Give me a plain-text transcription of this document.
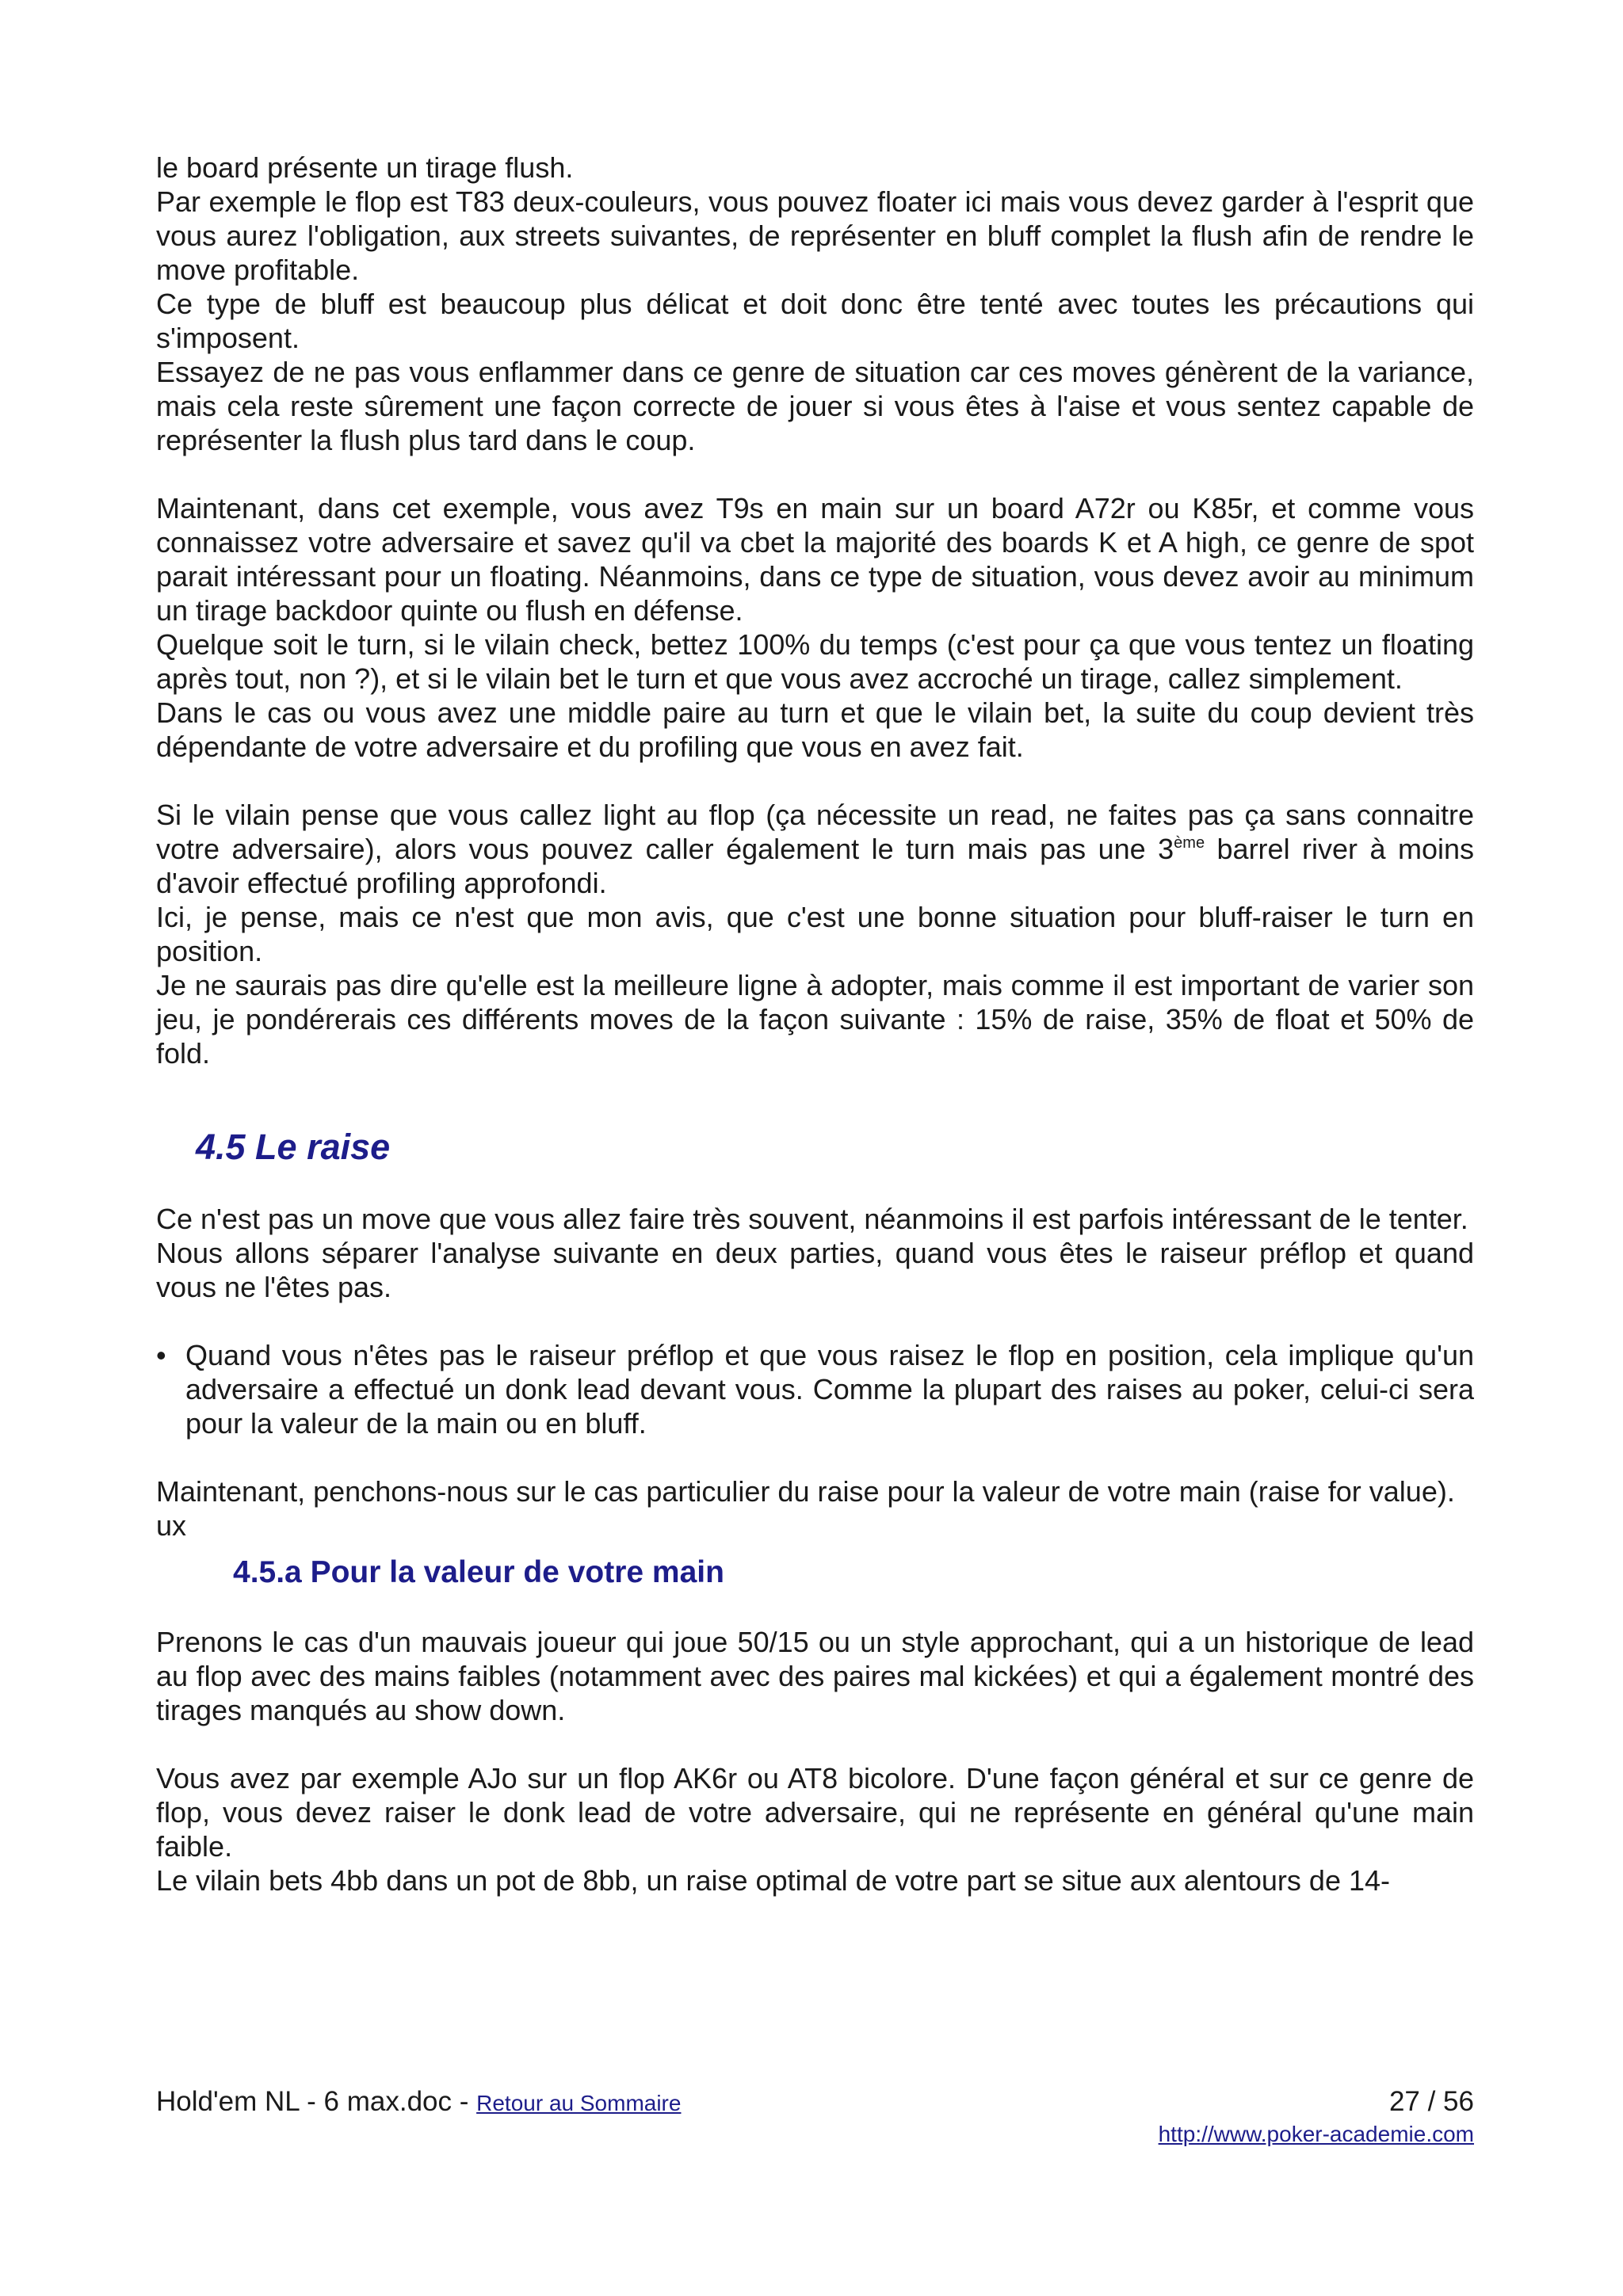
le board présente un tirage flush.

Par exemple le flop est T83 deux-couleurs, vous pouvez floater ici mais vous devez garder à l'esprit que vous aurez l'obligation, aux streets suivantes, de représenter en bluff complet la flush afin de rendre le move profitable.

Ce type de bluff est beaucoup plus délicat et doit donc être tenté avec toutes les précautions qui s'imposent.

Essayez de ne pas vous enflammer dans ce genre de situation car ces moves génèrent de la variance, mais cela reste sûrement une façon correcte de jouer si vous êtes à l'aise et vous sentez capable de représenter la flush plus tard dans le coup.

Maintenant, dans cet exemple, vous avez T9s en main sur un board A72r ou K85r, et comme vous connaissez votre adversaire et savez qu'il va cbet la majorité des boards K et A high, ce genre de spot parait intéressant pour un floating. Néanmoins, dans ce type de situation, vous devez avoir au minimum un tirage backdoor quinte ou flush en défense.

Quelque soit le turn, si le vilain check, bettez 100% du temps (c'est pour ça que vous tentez un floating après tout, non ?), et si le vilain bet le turn et que vous avez accroché un tirage, callez simplement.

Dans le cas ou vous avez une middle paire au turn et que le vilain bet, la suite du coup devient très dépendante de votre adversaire et du profiling que vous en avez fait.

Si le vilain pense que vous callez light au flop (ça nécessite un read, ne faites pas ça sans connaitre votre adversaire), alors vous pouvez caller également le turn mais pas une 3ème barrel river à moins d'avoir effectué profiling approfondi.

Ici, je pense, mais ce n'est que mon avis, que c'est une bonne situation pour bluff-raiser le turn en position.

Je ne saurais pas dire qu'elle est la meilleure ligne à adopter, mais comme il est important de varier son jeu, je pondérerais ces différents moves de la façon suivante : 15% de raise, 35% de float et 50% de fold.

4.5 Le raise

Ce n'est pas un move que vous allez faire très souvent, néanmoins il est parfois intéressant de le tenter.

Nous allons séparer l'analyse suivante en deux parties, quand vous êtes le raiseur préflop et quand vous ne l'êtes pas.

• Quand vous n'êtes pas le raiseur préflop et que vous raisez le flop en position, cela implique qu'un adversaire a effectué un donk lead devant vous. Comme la plupart des raises au poker, celui-ci sera pour la valeur de la main ou en bluff.

Maintenant, penchons-nous sur le cas particulier du raise pour la valeur de votre main (raise for value).

ux

4.5.a Pour la valeur de votre main

Prenons le cas d'un mauvais joueur qui joue 50/15 ou un style approchant, qui a un historique de lead au flop avec des mains faibles (notamment avec des paires mal kickées) et qui a également montré des tirages manqués au show down.

Vous avez par exemple AJo sur un flop AK6r ou AT8 bicolore. D'une façon général et sur ce genre de flop, vous devez raiser le donk lead de votre adversaire, qui ne représente en général qu'une main faible.

Le vilain bets 4bb dans un pot de 8bb, un raise optimal de votre part se situe aux alentours de 14-

Hold'em NL - 6 max.doc - Retour au Sommaire	27 / 56
http://www.poker-academie.com
